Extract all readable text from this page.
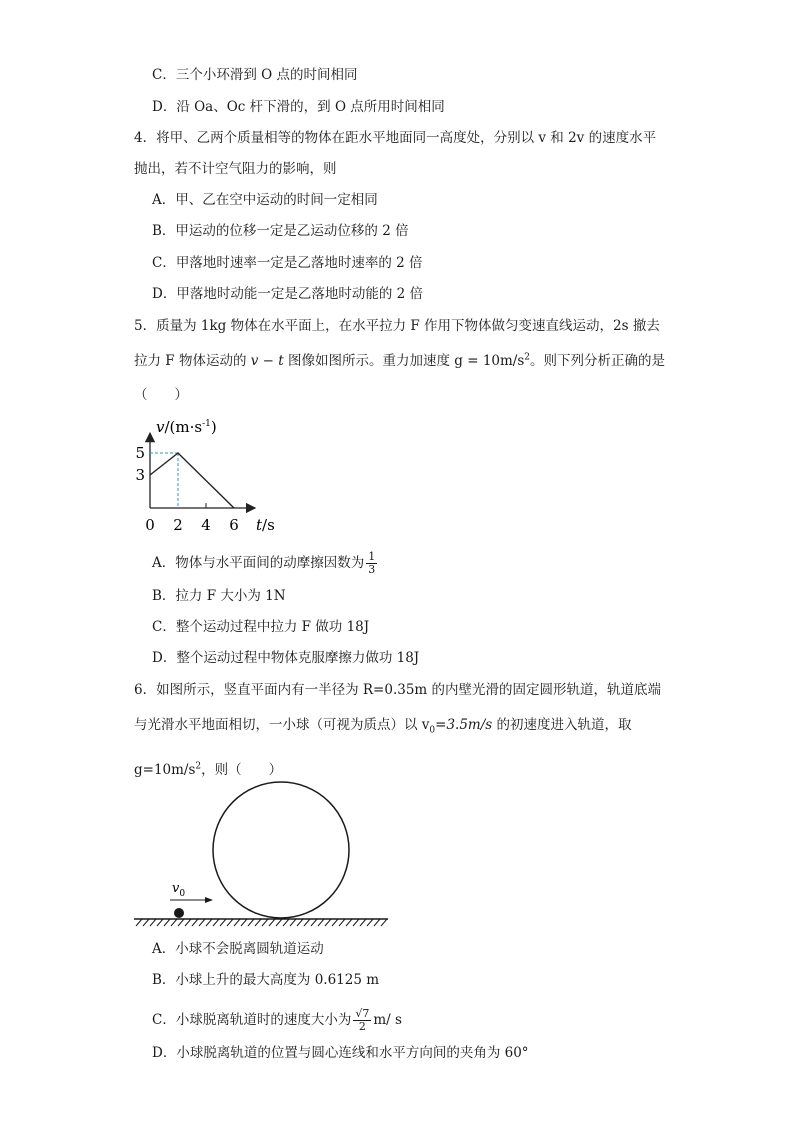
C．三个小环滑到 O 点的时间相同
D．沿 Oa、Oc 杆下滑的，到 O 点所用时间相同
4．将甲、乙两个质量相等的物体在距水平地面同一高度处，分别以 v 和 2v 的速度水平
抛出，若不计空气阻力的影响，则
A．甲、乙在空中运动的时间一定相同
B．甲运动的位移一定是乙运动位移的 2 倍
C．甲落地时速率一定是乙落地时速率的 2 倍
D．甲落地时动能一定是乙落地时动能的 2 倍
5．质量为 1kg 物体在水平面上，在水平拉力 F 作用下物体做匀变速直线运动，2s 撤去
拉力 F 物体运动的 v − t 图像如图所示。重力加速度 $g = 10m/s^2$。则下列分析正确的是
（　　）
0 2 4 6
3
5
$v/(m\cdot s^{-1})$
t/s
A．物体与水平面间的动摩擦因数为 $\frac{1}{3}$
B．拉力 F 大小为 1N
C．整个运动过程中拉力 F 做功 18J
D．整个运动过程中物体克服摩擦力做功 18J
6．如图所示，竖直平面内有一半径为 R=0.35m 的内壁光滑的固定圆形轨道，轨道底端
与光滑水平地面相切，一小球（可视为质点）以 $v_0=3.5m/s$ 的初速度进入轨道，取
$g=10m/s^2$，则（　　）
$v_0$
A．小球不会脱离圆轨道运动
B．小球上升的最大高度为 0.6125 m
C．小球脱离轨道时的速度大小为 $\frac{√7}{2} m/$ s
D．小球脱离轨道的位置与圆心连线和水平方向间的夹角为 60°
